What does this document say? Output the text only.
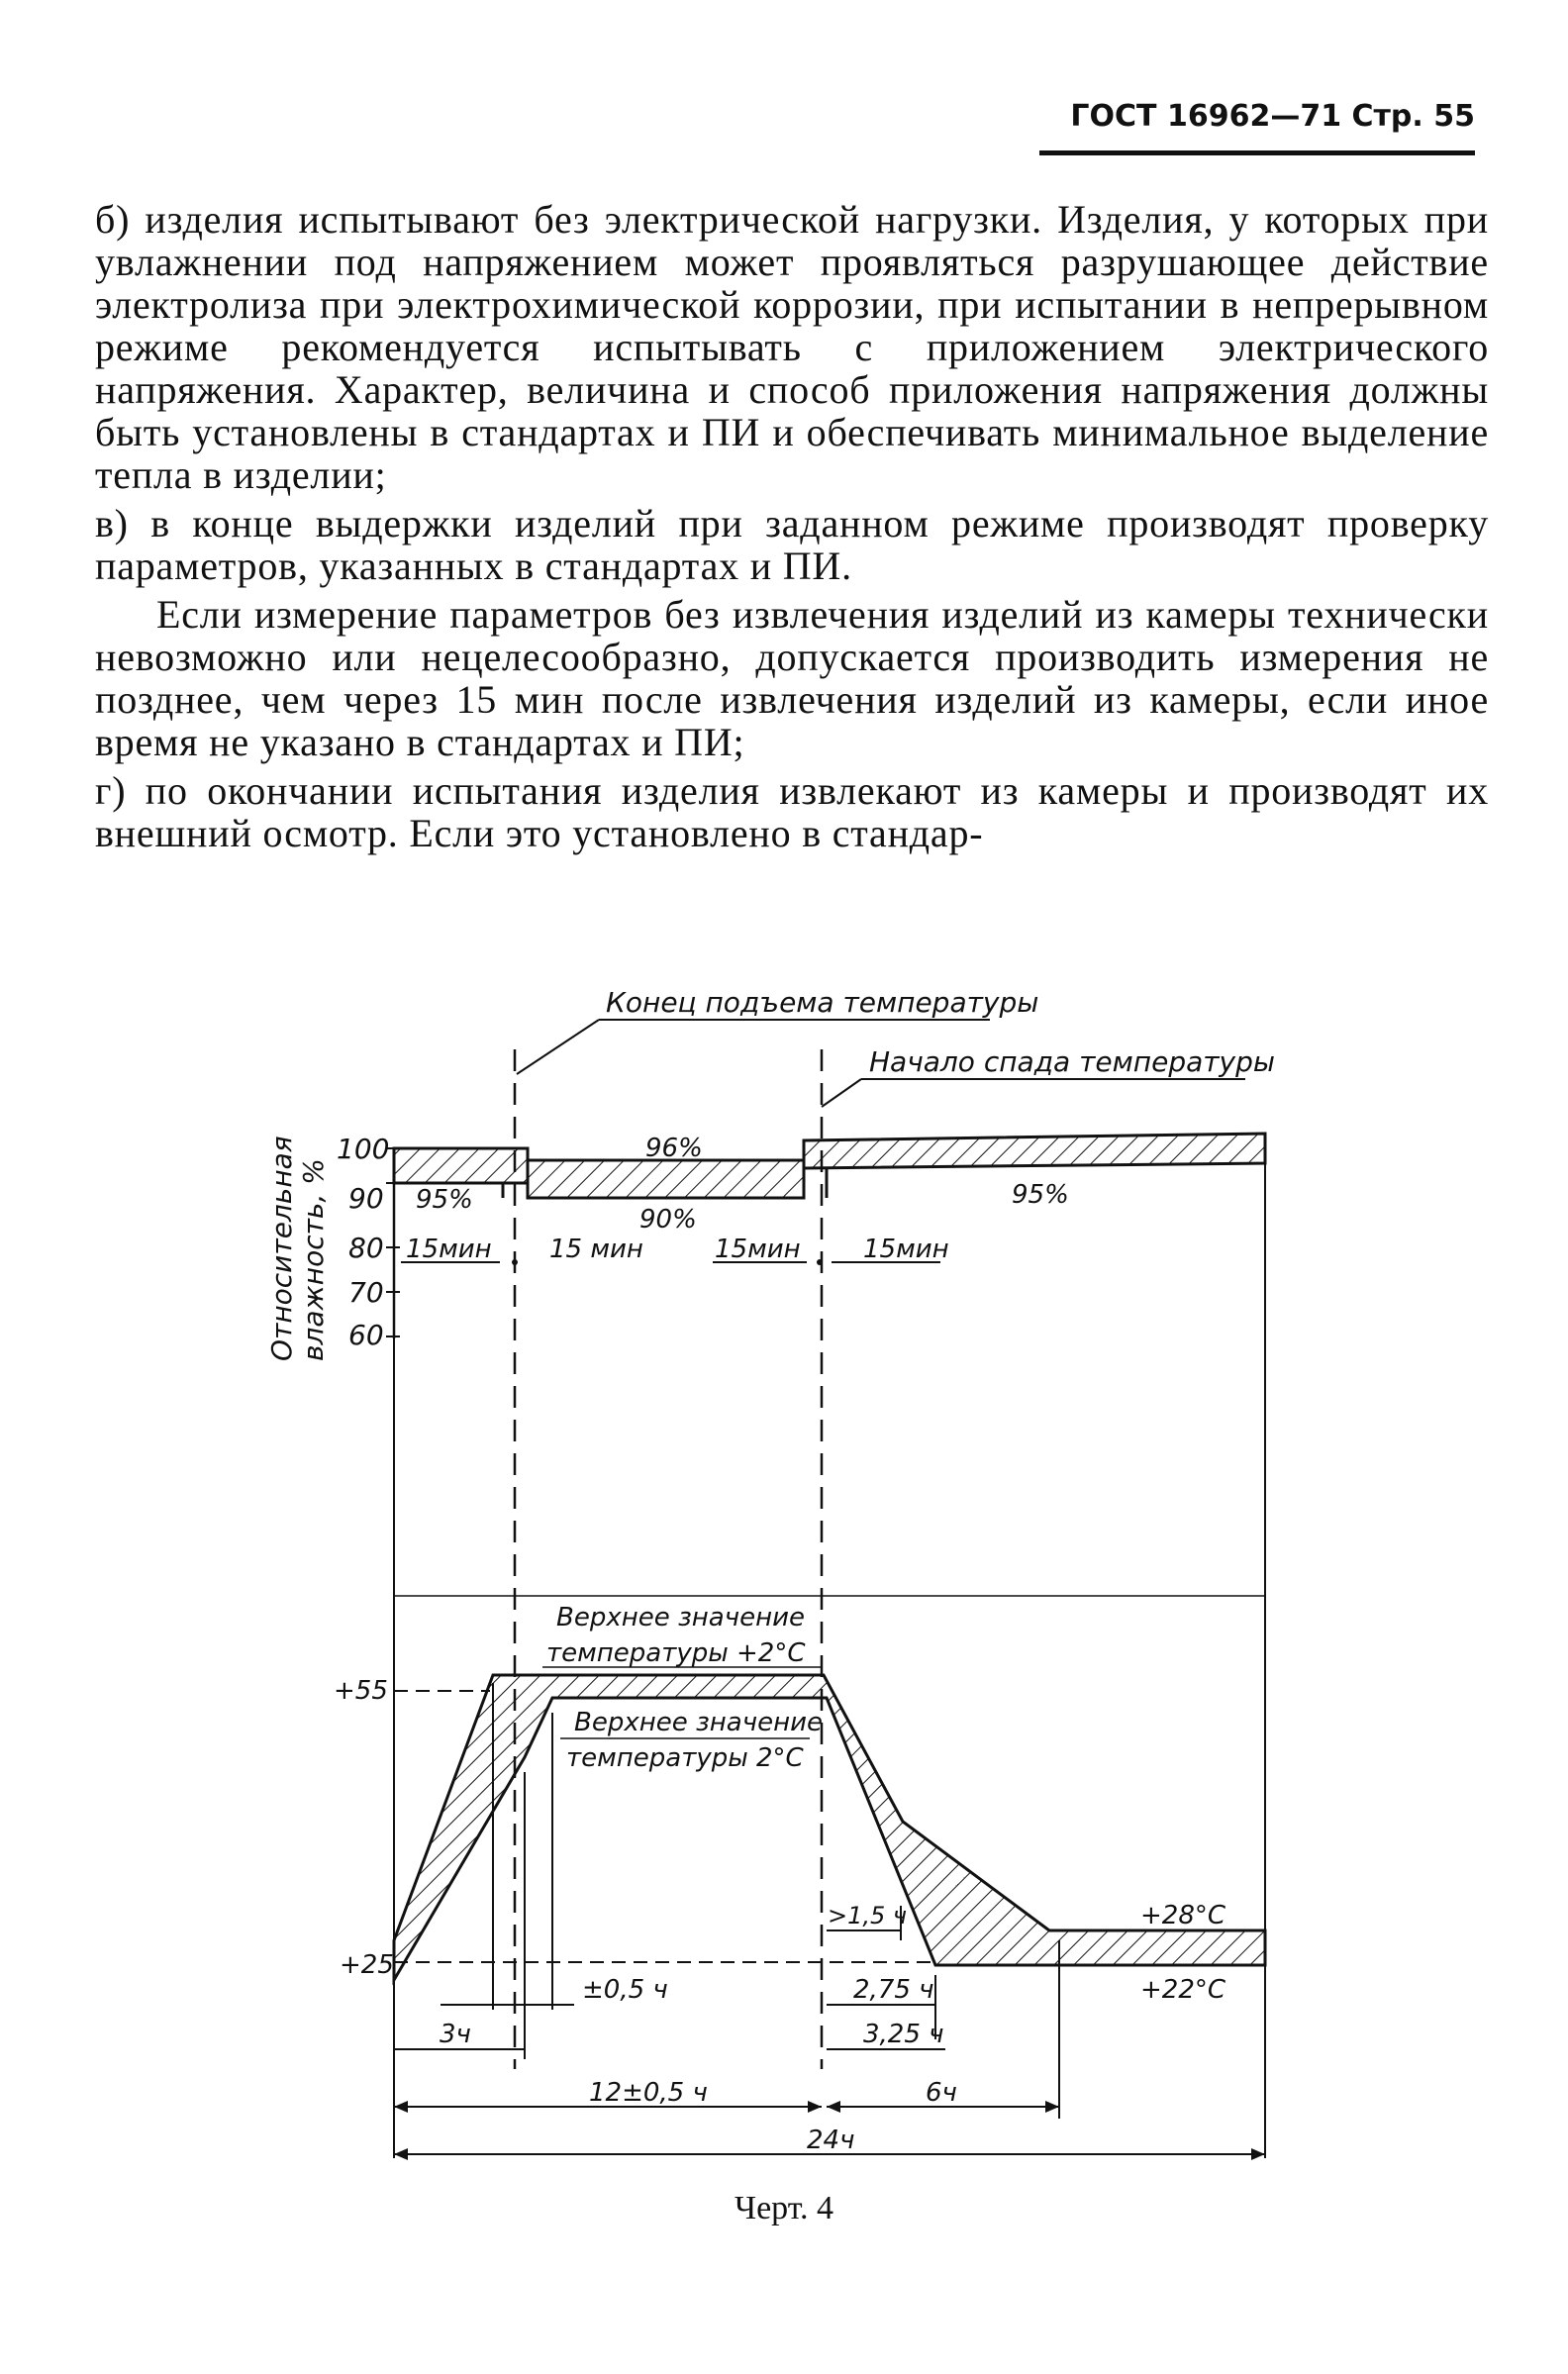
ГОСТ 16962—71 Стр. 55

б) изделия испытывают без электрической нагрузки. Изделия, у которых при увлажнении под напряжением может проявляться разрушающее действие электролиза при электрохимической коррозии, при испытании в непрерывном режиме рекомендуется испытывать с приложением электрического напряжения. Характер, величина и способ приложения напряжения должны быть установлены в стандартах и ПИ и обеспечивать минимальное выделение тепла в изделии;

в) в конце выдержки изделий при заданном режиме производят проверку параметров, указанных в стандартах и ПИ.

Если измерение параметров без извлечения изделий из камеры технически невозможно или нецелесообразно, допускается производить измерения не позднее, чем через 15 мин после извлечения изделий из камеры, если иное время не указано в стандартах и ПИ;

г) по окончании испытания изделия извлекают из камеры и производят их внешний осмотр. Если это установлено в стандар-

Конец подъема температуры
Начало спада температуры
Относительная влажность, %
100
90
80
70
60
95%
96%
90%
95%
15мин 15 мин	15мин 15мин
+55
+25
Верхнее значение
температуры +2°С
Верхнее значение
температуры 2°С
>1,5 ч	+28°С
+22°С
3ч
±0,5 ч	2,75 ч
3,25 ч
12±0,5 ч	6ч
24ч
Черт. 4
